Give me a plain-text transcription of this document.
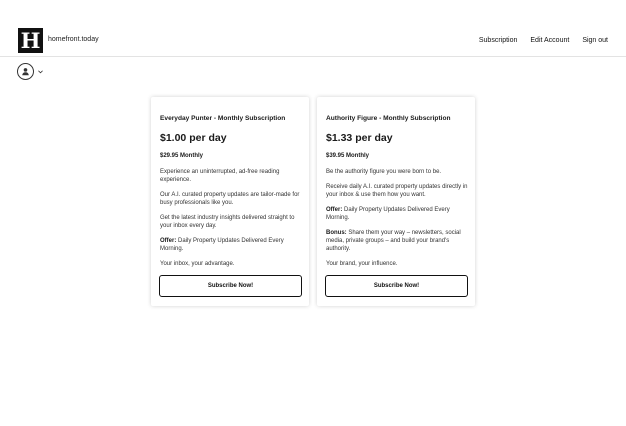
H	homefront.today	Subscription Edit Account Sign out
Everyday Punter - Monthly Subscription
$1.00 per day
$29.95 Monthly

Experience an uninterrupted, ad-free reading experience.

Our A.I. curated property updates are tailor-made for busy professionals like you.

Get the latest industry insights delivered straight to your inbox every day.

Offer: Daily Property Updates Delivered Every Morning.

Your inbox, your advantage.

Subscribe Now!
Authority Figure - Monthly Subscription
$1.33 per day
$39.95 Monthly

Be the authority figure you were born to be.

Receive daily A.I. curated property updates directly in your inbox & use them how you want.

Offer: Daily Property Updates Delivered Every Morning.

Bonus: Share them your way – newsletters, social media, private groups – and build your brand's authority.

Your brand, your influence.

Subscribe Now!
